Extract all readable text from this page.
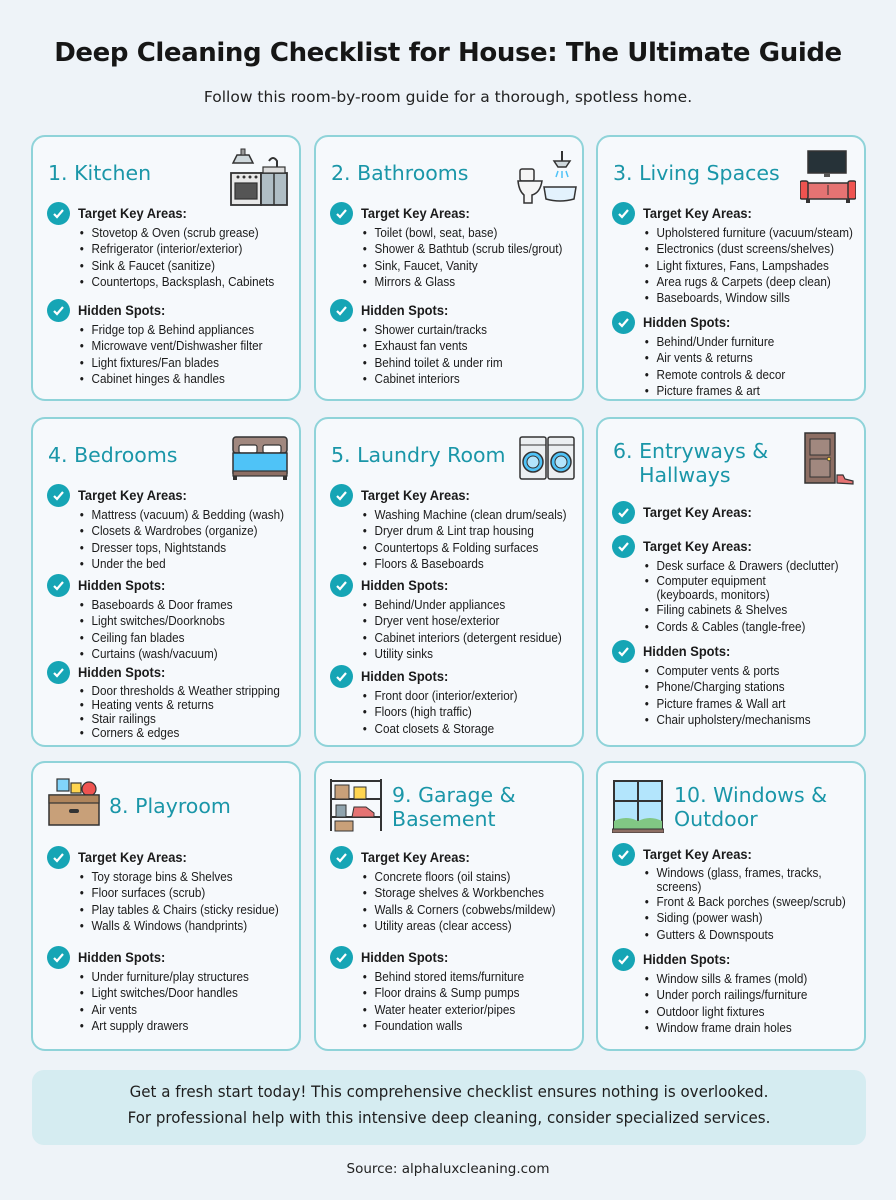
Deep Cleaning Checklist for House: The Ultimate Guide
Follow this room-by-room guide for a thorough, spotless home.
1. Kitchen
Target Key Areas:
• Stovetop & Oven (scrub grease)
• Refrigerator (interior/exterior)
• Sink & Faucet (sanitize)
• Countertops, Backsplash, Cabinets
Hidden Spots:
• Fridge top & Behind appliances
• Microwave vent/Dishwasher filter
• Light fixtures/Fan blades
• Cabinet hinges & handles
2. Bathrooms
Target Key Areas:
• Toilet (bowl, seat, base)
• Shower & Bathtub (scrub tiles/grout)
• Sink, Faucet, Vanity
• Mirrors & Glass
Hidden Spots:
• Shower curtain/tracks
• Exhaust fan vents
• Behind toilet & under rim
• Cabinet interiors
3. Living Spaces
Target Key Areas:
• Upholstered furniture (vacuum/steam)
• Electronics (dust screens/shelves)
• Light fixtures, Fans, Lampshades
• Area rugs & Carpets (deep clean)
• Baseboards, Window sills
Hidden Spots:
• Behind/Under furniture
• Air vents & returns
• Remote controls & decor
• Picture frames & art
4. Bedrooms
Target Key Areas:
• Mattress (vacuum) & Bedding (wash)
• Closets & Wardrobes (organize)
• Dresser tops, Nightstands
• Under the bed
Hidden Spots:
• Baseboards & Door frames
• Light switches/Doorknobs
• Ceiling fan blades
• Curtains (wash/vacuum)
Hidden Spots:
• Door thresholds & Weather stripping
• Heating vents & returns
• Stair railings
• Corners & edges
5. Laundry Room
Target Key Areas:
• Washing Machine (clean drum/seals)
• Dryer drum & Lint trap housing
• Countertops & Folding surfaces
• Floors & Baseboards
Hidden Spots:
• Behind/Under appliances
• Dryer vent hose/exterior
• Cabinet interiors (detergent residue)
• Utility sinks
Hidden Spots:
• Front door (interior/exterior)
• Floors (high traffic)
• Coat closets & Storage
6. Entryways &
Hallways
Target Key Areas:
Target Key Areas:
• Desk surface & Drawers (declutter)
• Computer equipment (keyboards, monitors)
• Filing cabinets & Shelves
• Cords & Cables (tangle-free)
Hidden Spots:
• Computer vents & ports
• Phone/Charging stations
• Picture frames & Wall art
• Chair upholstery/mechanisms
8. Playroom
Target Key Areas:
• Toy storage bins & Shelves
• Floor surfaces (scrub)
• Play tables & Chairs (sticky residue)
• Walls & Windows (handprints)
Hidden Spots:
• Under furniture/play structures
• Light switches/Door handles
• Air vents
• Art supply drawers
9. Garage &
Basement
Target Key Areas:
• Concrete floors (oil stains)
• Storage shelves & Workbenches
• Walls & Corners (cobwebs/mildew)
• Utility areas (clear access)
Hidden Spots:
• Behind stored items/furniture
• Floor drains & Sump pumps
• Water heater exterior/pipes
• Foundation walls
10. Windows &
Outdoor
Target Key Areas:
• Windows (glass, frames, tracks, screens)
• Front & Back porches (sweep/scrub)
• Siding (power wash)
• Gutters & Downspouts
Hidden Spots:
• Window sills & frames (mold)
• Under porch railings/furniture
• Outdoor light fixtures
• Window frame drain holes
Get a fresh start today! This comprehensive checklist ensures nothing is overlooked.
For professional help with this intensive deep cleaning, consider specialized services.
Source: alphaluxcleaning.com
